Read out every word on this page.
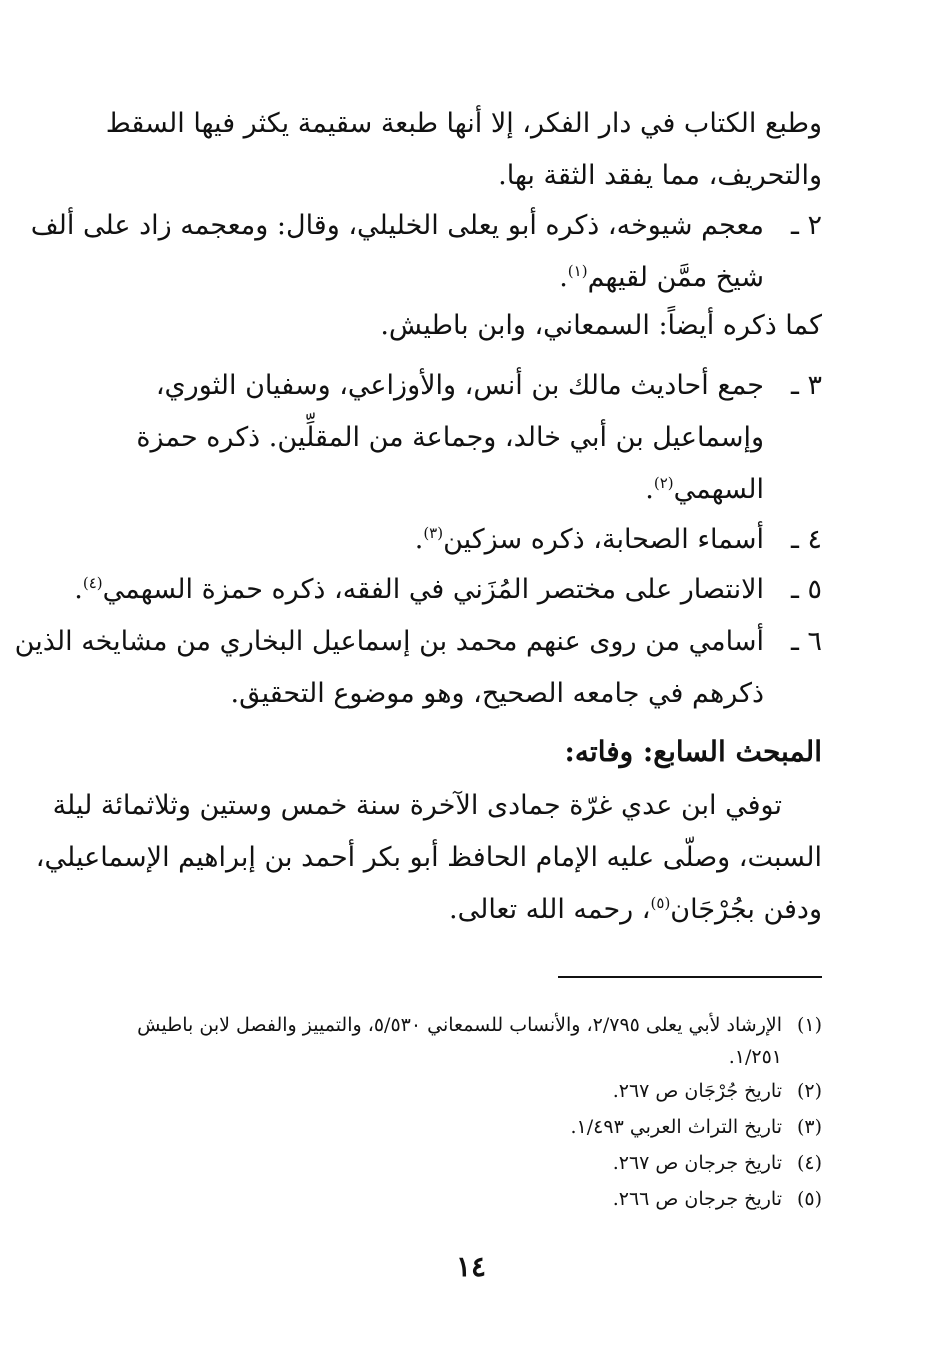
وطبع الكتاب في دار الفكر، إلا أنها طبعة سقيمة يكثر فيها السقط
والتحريف، مما يفقد الثقة بها.
٢ ـ
معجم شيوخه، ذكره أبو يعلى الخليلي، وقال: ومعجمه زاد على ألف
شيخ ممَّن لقيهم$^{(١)}$.
كما ذكره أيضاً: السمعاني، وابن باطيش.
٣ ـ
جمع أحاديث مالك بن أنس، والأوزاعي، وسفيان الثوري،
وإسماعيل بن أبي خالد، وجماعة من المقلِّين. ذكره حمزة
السهمي$^{(٢)}$.
٤ ـ
أسماء الصحابة، ذكره سزكين$^{(٣)}$.
٥ ـ
الانتصار على مختصر المُزَني في الفقه، ذكره حمزة السهمي$^{(٤)}$.
٦ ـ
أسامي من روى عنهم محمد بن إسماعيل البخاري من مشايخه الذين
ذكرهم في جامعه الصحيح، وهو موضوع التحقيق.
المبحث السابع: وفاته:
توفي ابن عدي غرّة جمادى الآخرة سنة خمس وستين وثلاثمائة ليلة
السبت، وصلّى عليه الإمام الحافظ أبو بكر أحمد بن إبراهيم الإسماعيلي،
ودفن بجُرْجَان$^{(٥)}$، رحمه الله تعالى.
(١)الإرشاد لأبي يعلى ٢/٧٩٥، والأنساب للسمعاني ٥/٥٣٠، والتمييز والفصل لابن باطيش
١/٢٥١.
(٢)تاريخ جُرْجَان ص ٢٦٧.
(٣)تاريخ التراث العربي ١/٤٩٣.
(٤)تاريخ جرجان ص ٢٦٧.
(٥)تاريخ جرجان ص ٢٦٦.
١٤
